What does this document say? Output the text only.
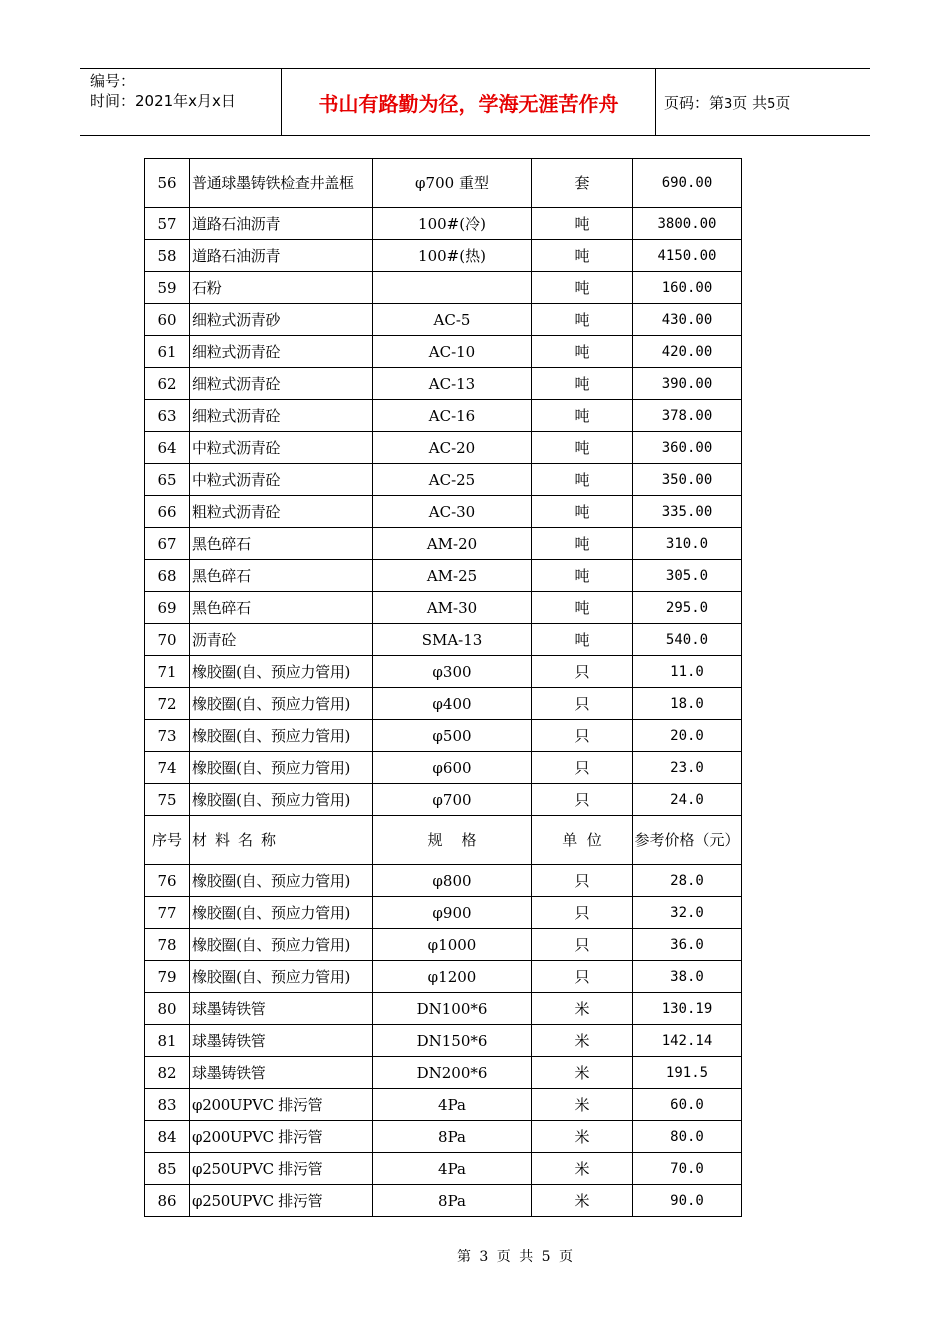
编号：
时间：2021年x月x日	书山有路勤为径，学海无涯苦作舟	页码：第3页 共5页
56	普通球墨铸铁检查井盖框	φ700 重型	套	690.00
57	道路石油沥青	100#(冷)	吨	3800.00
58	道路石油沥青	100#(热)	吨	4150.00
59	石粉		吨	160.00
60	细粒式沥青砂	AC-5	吨	430.00
61	细粒式沥青砼	AC-10	吨	420.00
62	细粒式沥青砼	AC-13	吨	390.00
63	细粒式沥青砼	AC-16	吨	378.00
64	中粒式沥青砼	AC-20	吨	360.00
65	中粒式沥青砼	AC-25	吨	350.00
66	粗粒式沥青砼	AC-30	吨	335.00
67	黑色碎石	AM-20	吨	310.0
68	黑色碎石	AM-25	吨	305.0
69	黑色碎石	AM-30	吨	295.0
70	沥青砼	SMA-13	吨	540.0
71	橡胶圈(自、预应力管用)	φ300	只	11.0
72	橡胶圈(自、预应力管用)	φ400	只	18.0
73	橡胶圈(自、预应力管用)	φ500	只	20.0
74	橡胶圈(自、预应力管用)	φ600	只	23.0
75	橡胶圈(自、预应力管用)	φ700	只	24.0
序号	材料名称	规    格	单  位	参考价格（元）
76	橡胶圈(自、预应力管用)	φ800	只	28.0
77	橡胶圈(自、预应力管用)	φ900	只	32.0
78	橡胶圈(自、预应力管用)	φ1000	只	36.0
79	橡胶圈(自、预应力管用)	φ1200	只	38.0
80	球墨铸铁管	DN100*6	米	130.19
81	球墨铸铁管	DN150*6	米	142.14
82	球墨铸铁管	DN200*6	米	191.5
83	φ200UPVC 排污管	4Pa	米	60.0
84	φ200UPVC 排污管	8Pa	米	80.0
85	φ250UPVC 排污管	4Pa	米	70.0
86	φ250UPVC 排污管	8Pa	米	90.0
第 3 页 共 5 页
